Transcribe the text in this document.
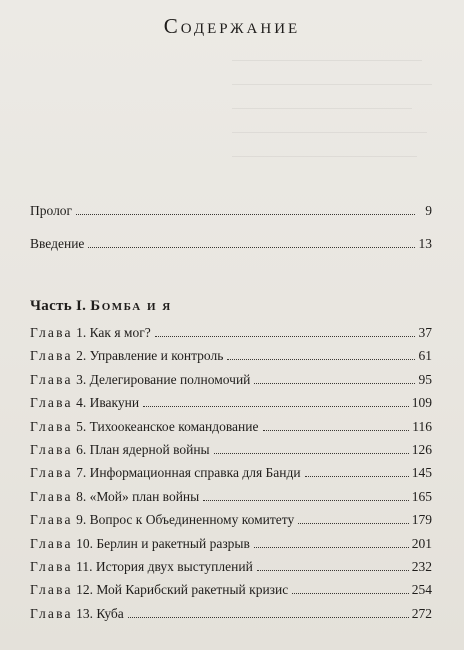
Содержание
Пролог	9
Введение	13
Часть I. Бомба и я
Глава 1. Как я мог?	37
Глава 2. Управление и контроль	61
Глава 3. Делегирование полномочий	95
Глава 4. Ивакуни	109
Глава 5. Тихоокеанское командование	116
Глава 6. План ядерной войны	126
Глава 7. Информационная справка для Банди	145
Глава 8. «Мой» план войны	165
Глава 9. Вопрос к Объединенному комитету	179
Глава 10. Берлин и ракетный разрыв	201
Глава 11. История двух выступлений	232
Глава 12. Мой Карибский ракетный кризис	254
Глава 13. Куба	272
